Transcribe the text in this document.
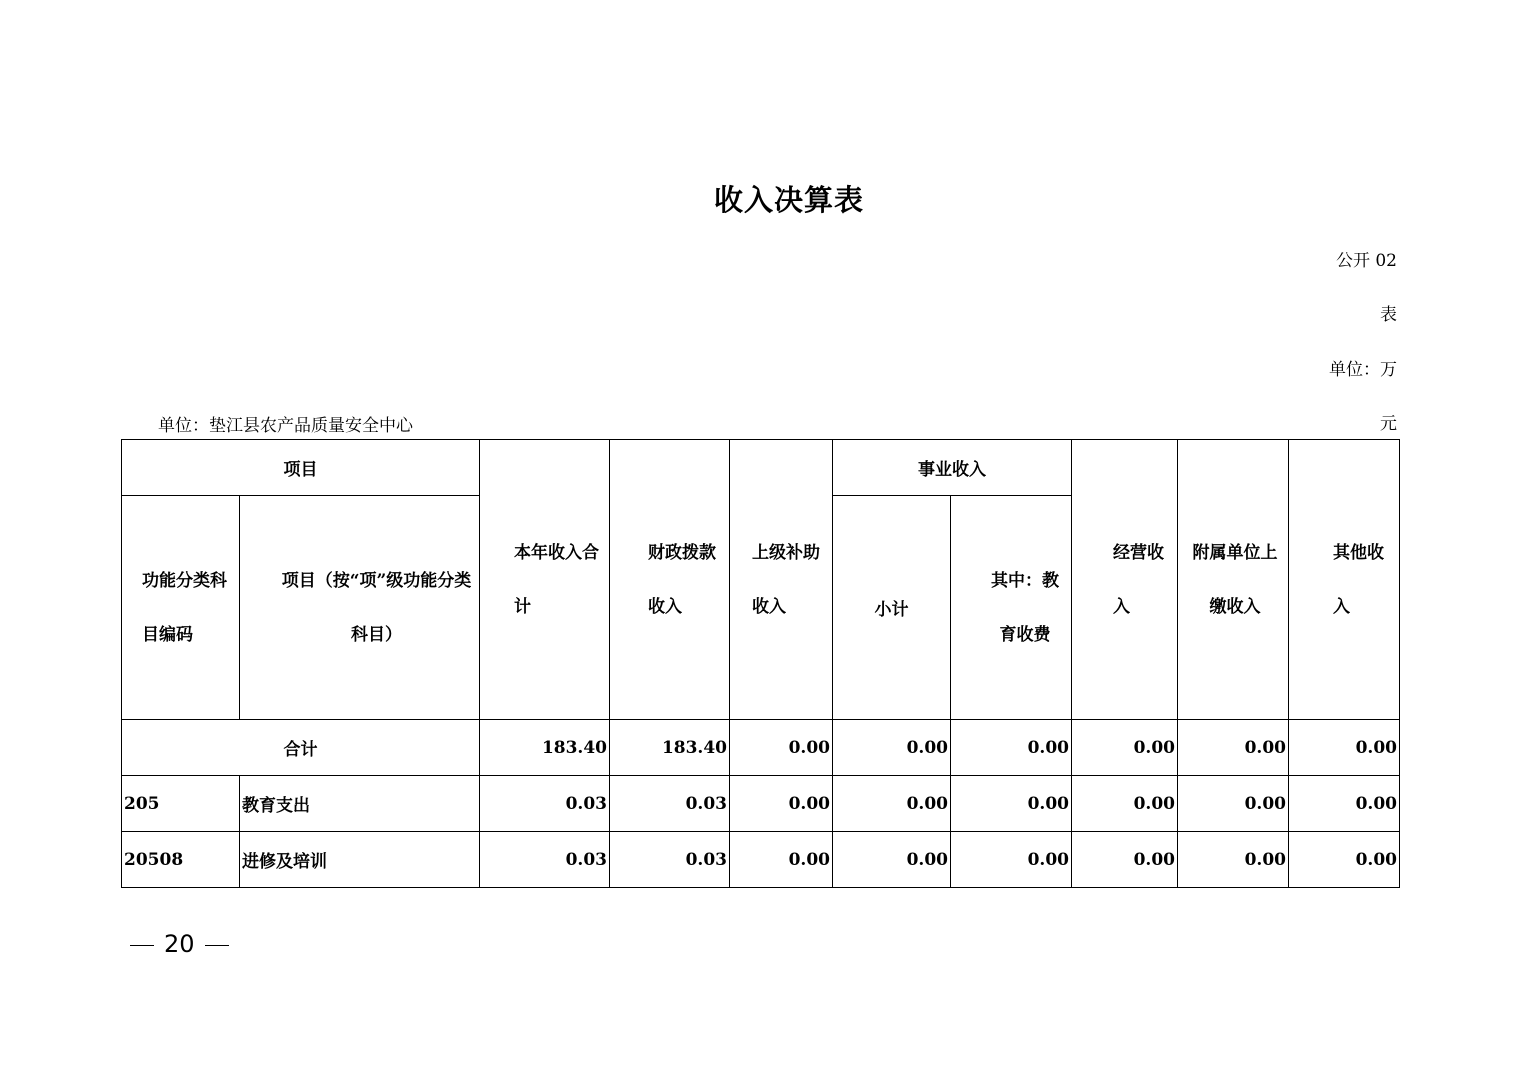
收入决算表
公开 02
表
单位：万
元
单位：垫江县农产品质量安全中心
项目		本年收入合计	财政拨款收入	上级补助收入	事业收入		经营收入	附属单位上缴收入	其他收入
功能分类科目编码	项目（按“项”级功能分类科目）				小计	其中：教育收费			
合计		183.40	183.40	0.00	0.00	0.00	0.00	0.00	0.00
205	教育支出	0.03	0.03	0.00	0.00	0.00	0.00	0.00	0.00
20508	进修及培训	0.03	0.03	0.00	0.00	0.00	0.00	0.00	0.00
20
